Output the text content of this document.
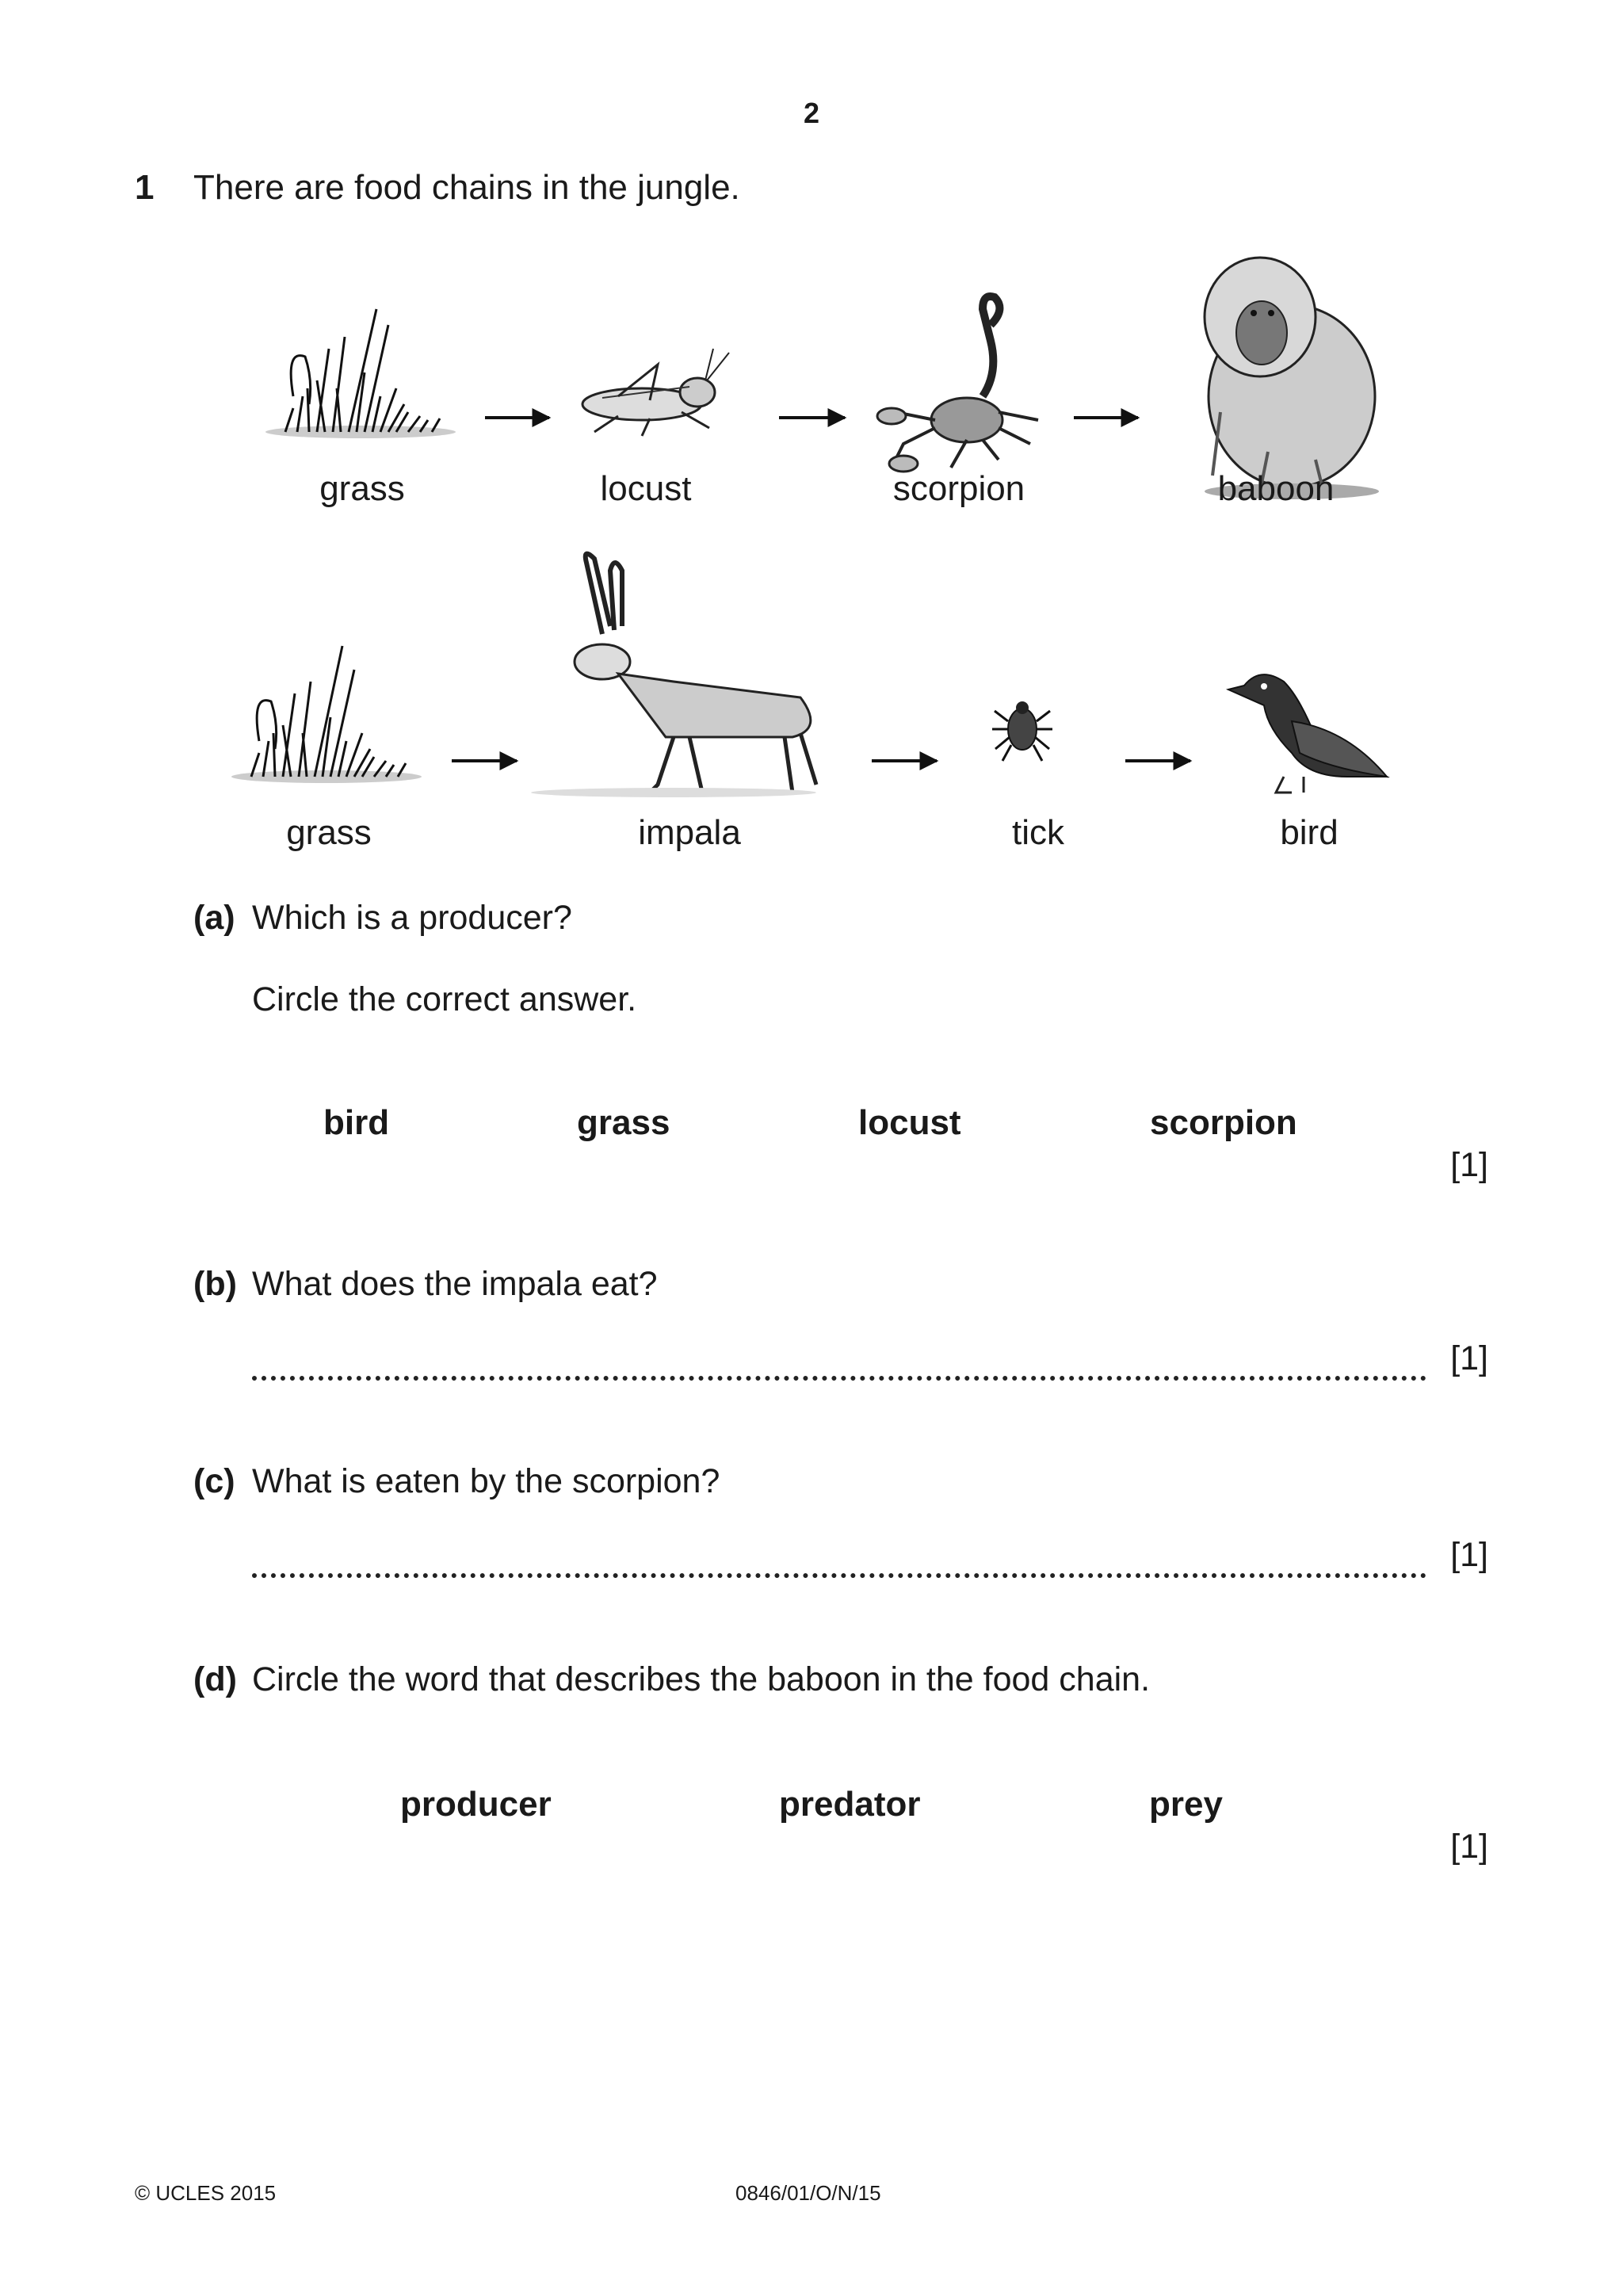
2
1 There are food chains in the jungle.
grass	locust	scorpion	baboon
grass	impala	tick	bird
(a) Which is a producer?
Circle the correct answer.
bird	grass	locust	scorpion
[1]
(b) What does the impala eat?
[1]
(c) What is eaten by the scorpion?
[1]
(d) Circle the word that describes the baboon in the food chain.
producer	predator	prey
[1]
© UCLES 2015	0846/01/O/N/15
